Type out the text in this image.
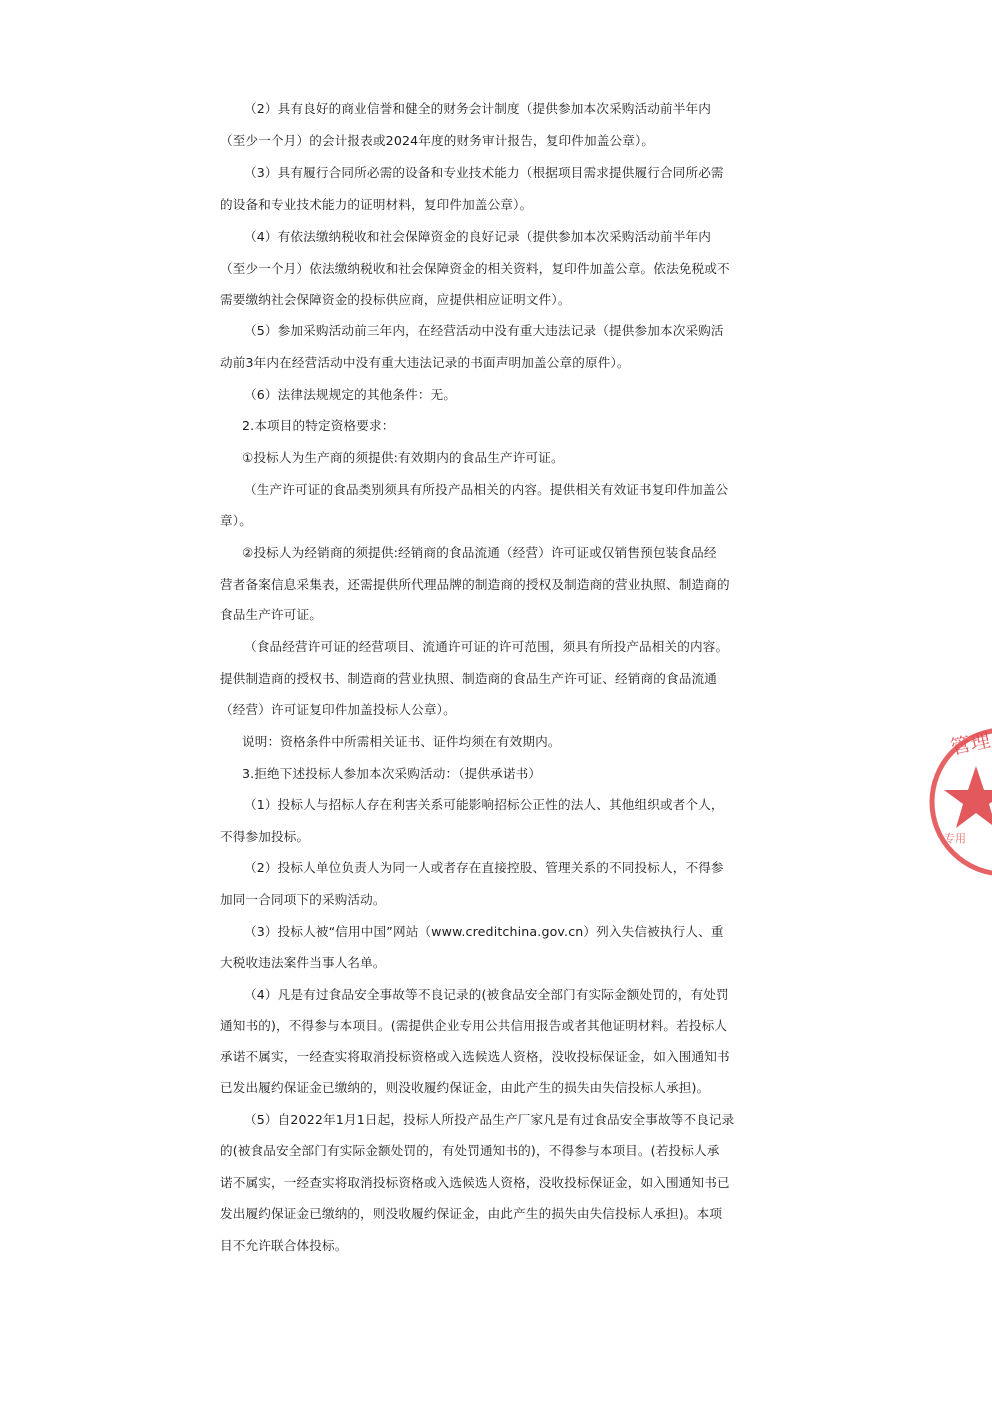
（2）具有良好的商业信誉和健全的财务会计制度（提供参加本次采购活动前半年内
（至少一个月）的会计报表或2024年度的财务审计报告，复印件加盖公章）。
（3）具有履行合同所必需的设备和专业技术能力（根据项目需求提供履行合同所必需
的设备和专业技术能力的证明材料，复印件加盖公章）。
（4）有依法缴纳税收和社会保障资金的良好记录（提供参加本次采购活动前半年内
（至少一个月）依法缴纳税收和社会保障资金的相关资料，复印件加盖公章。依法免税或不
需要缴纳社会保障资金的投标供应商，应提供相应证明文件）。
（5）参加采购活动前三年内，在经营活动中没有重大违法记录（提供参加本次采购活
动前3年内在经营活动中没有重大违法记录的书面声明加盖公章的原件）。
（6）法律法规规定的其他条件：无。
2.本项目的特定资格要求：
①投标人为生产商的须提供:有效期内的食品生产许可证。
（生产许可证的食品类别须具有所投产品相关的内容。提供相关有效证书复印件加盖公
章）。
②投标人为经销商的须提供:经销商的食品流通（经营）许可证或仅销售预包装食品经
营者备案信息采集表，还需提供所代理品牌的制造商的授权及制造商的营业执照、制造商的
食品生产许可证。
（食品经营许可证的经营项目、流通许可证的许可范围，须具有所投产品相关的内容。
提供制造商的授权书、制造商的营业执照、制造商的食品生产许可证、经销商的食品流通
（经营）许可证复印件加盖投标人公章）。
说明：资格条件中所需相关证书、证件均须在有效期内。
3.拒绝下述投标人参加本次采购活动：（提供承诺书）
（1）投标人与招标人存在利害关系可能影响招标公正性的法人、其他组织或者个人，
不得参加投标。
（2）投标人单位负责人为同一人或者存在直接控股、管理关系的不同投标人，不得参
加同一合同项下的采购活动。
（3）投标人被“信用中国”网站（www.creditchina.gov.cn）列入失信被执行人、重
大税收违法案件当事人名单。
（4）凡是有过食品安全事故等不良记录的(被食品安全部门有实际金额处罚的，有处罚
通知书的)，不得参与本项目。(需提供企业专用公共信用报告或者其他证明材料。若投标人
承诺不属实，一经查实将取消投标资格或入选候选人资格，没收投标保证金，如入围通知书
已发出履约保证金已缴纳的，则没收履约保证金，由此产生的损失由失信投标人承担)。
（5）自2022年1月1日起，投标人所投产品生产厂家凡是有过食品安全事故等不良记录
的(被食品安全部门有实际金额处罚的，有处罚通知书的)，不得参与本项目。(若投标人承
诺不属实，一经查实将取消投标资格或入选候选人资格，没收投标保证金，如入围通知书已
发出履约保证金已缴纳的，则没收履约保证金，由此产生的损失由失信投标人承担)。本项
目不允许联合体投标。
管理
专用
